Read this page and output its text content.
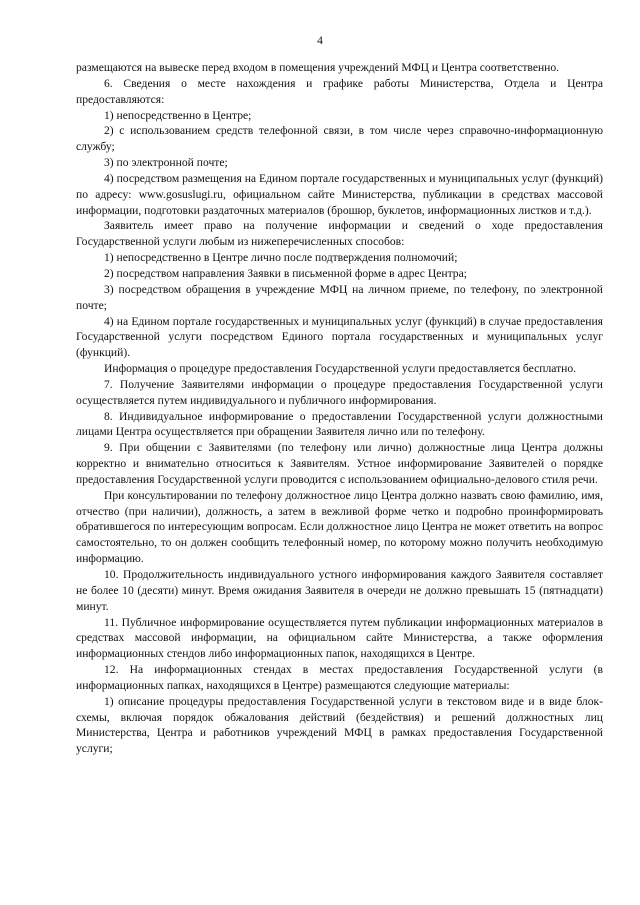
4

размещаются на вывеске перед входом в помещения учреждений МФЦ и Центра соответственно.

6. Сведения о месте нахождения и графике работы Министерства, Отдела и Центра предоставляются:

1) непосредственно в Центре;

2) с использованием средств телефонной связи, в том числе через справочно-информационную службу;

3) по электронной почте;

4) посредством размещения на Едином портале государственных и муниципальных услуг (функций) по адресу: www.gosuslugi.ru, официальном сайте Министерства, публикации в средствах массовой информации, подготовки раздаточных материалов (брошюр, буклетов, информационных листков и т.д.).

Заявитель имеет право на получение информации и сведений о ходе предоставления Государственной услуги любым из нижеперечисленных способов:

1) непосредственно в Центре лично после подтверждения полномочий;

2) посредством направления Заявки в письменной форме в адрес Центра;

3) посредством обращения в учреждение МФЦ на личном приеме, по телефону, по электронной почте;

4) на Едином портале государственных и муниципальных услуг (функций) в случае предоставления Государственной услуги посредством Единого портала государственных и муниципальных услуг (функций).

Информация о процедуре предоставления Государственной услуги предоставляется бесплатно.

7. Получение Заявителями информации о процедуре предоставления Государственной услуги осуществляется путем индивидуального и публичного информирования.

8. Индивидуальное информирование о предоставлении Государственной услуги должностными лицами Центра осуществляется при обращении Заявителя лично или по телефону.

9. При общении с Заявителями (по телефону или лично) должностные лица Центра должны корректно и внимательно относиться к Заявителям. Устное информирование Заявителей о порядке предоставления Государственной услуги проводится с использованием официально-делового стиля речи.

При консультировании по телефону должностное лицо Центра должно назвать свою фамилию, имя, отчество (при наличии), должность, а затем в вежливой форме четко и подробно проинформировать обратившегося по интересующим вопросам. Если должностное лицо Центра не может ответить на вопрос самостоятельно, то он должен сообщить телефонный номер, по которому можно получить необходимую информацию.

10. Продолжительность индивидуального устного информирования каждого Заявителя составляет не более 10 (десяти) минут. Время ожидания Заявителя в очереди не должно превышать 15 (пятнадцати) минут.

11. Публичное информирование осуществляется путем публикации информационных материалов в средствах массовой информации, на официальном сайте Министерства, а также оформления информационных стендов либо информационных папок, находящихся в Центре.

12. На информационных стендах в местах предоставления Государственной услуги (в информационных папках, находящихся в Центре) размещаются следующие материалы:

1) описание процедуры предоставления Государственной услуги в текстовом виде и в виде блок-схемы, включая порядок обжалования действий (бездействия) и решений должностных лиц Министерства, Центра и работников учреждений МФЦ в рамках предоставления Государственной услуги;
